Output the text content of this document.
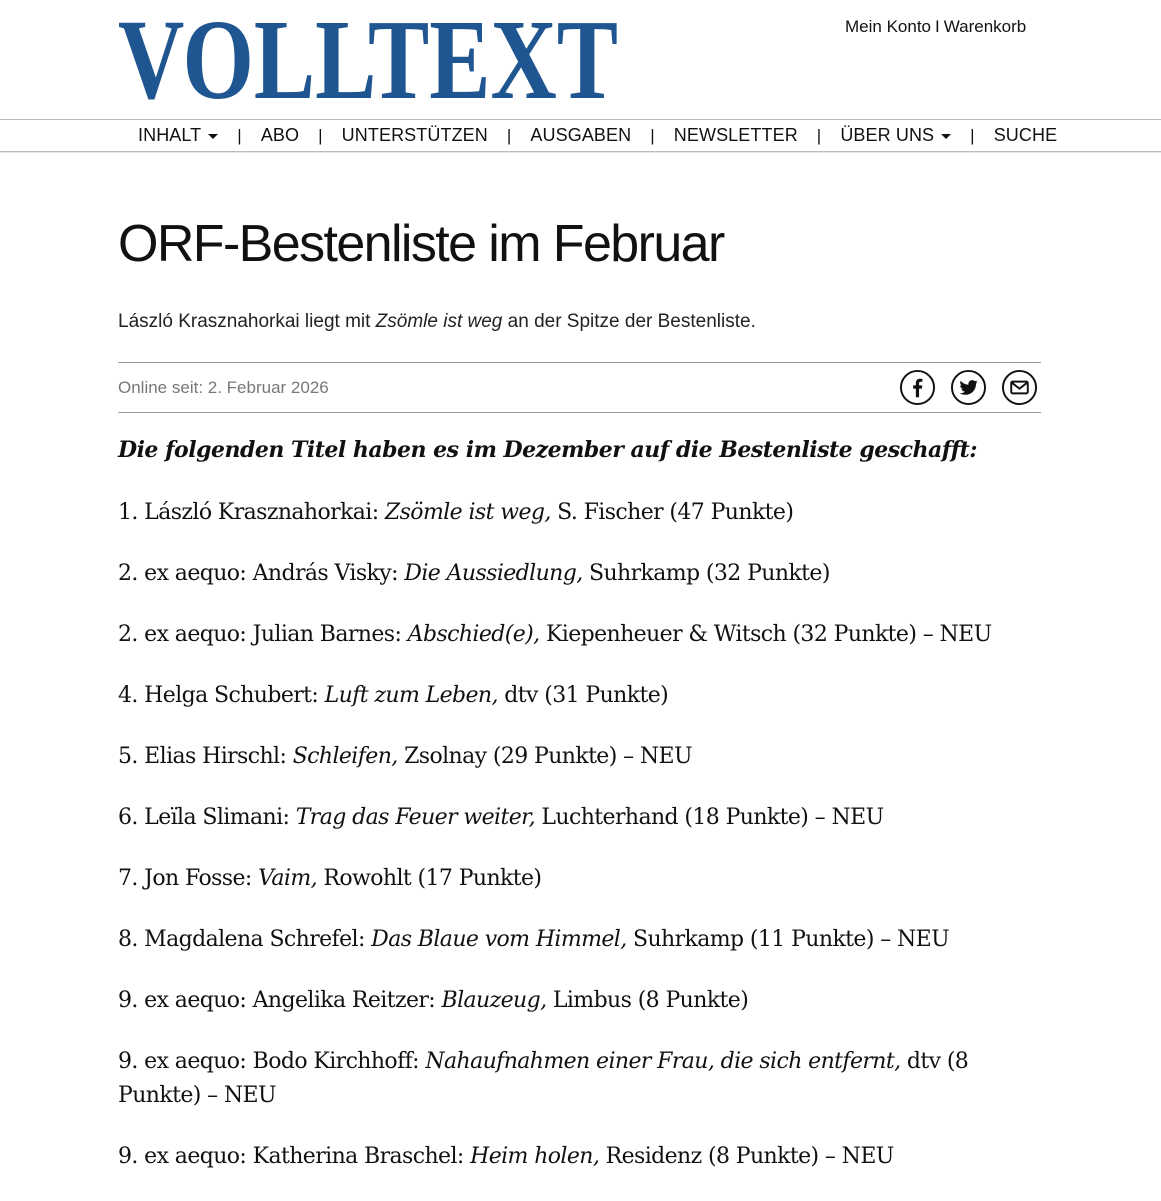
VOLLTEXT	Mein Konto I Warenkorb
INHALT | ABO | UNTERSTÜTZEN | AUSGABEN | NEWSLETTER | ÜBER UNS | SUCHE
ORF-Bestenliste im Februar

László Krasznahorkai liegt mit Zsömle ist weg an der Spitze der Bestenliste.

Online seit: 2. Februar 2026
Die folgenden Titel haben es im Dezember auf die Bestenliste geschafft:
1. László Krasznahorkai: Zsömle ist weg, S. Fischer (47 Punkte)
2. ex aequo: András Visky: Die Aussiedlung, Suhrkamp (32 Punkte)
2. ex aequo: Julian Barnes: Abschied(e), Kiepenheuer & Witsch (32 Punkte) – NEU
4. Helga Schubert: Luft zum Leben, dtv (31 Punkte)
5. Elias Hirschl: Schleifen, Zsolnay (29 Punkte) – NEU
6. Leïla Slimani: Trag das Feuer weiter, Luchterhand (18 Punkte) – NEU
7. Jon Fosse: Vaim, Rowohlt (17 Punkte)
8. Magdalena Schrefel: Das Blaue vom Himmel, Suhrkamp (11 Punkte) – NEU
9. ex aequo: Angelika Reitzer: Blauzeug, Limbus (8 Punkte)
9. ex aequo: Bodo Kirchhoff: Nahaufnahmen einer Frau, die sich entfernt, dtv (8 Punkte) – NEU
9. ex aequo: Katherina Braschel: Heim holen, Residenz (8 Punkte) – NEU
